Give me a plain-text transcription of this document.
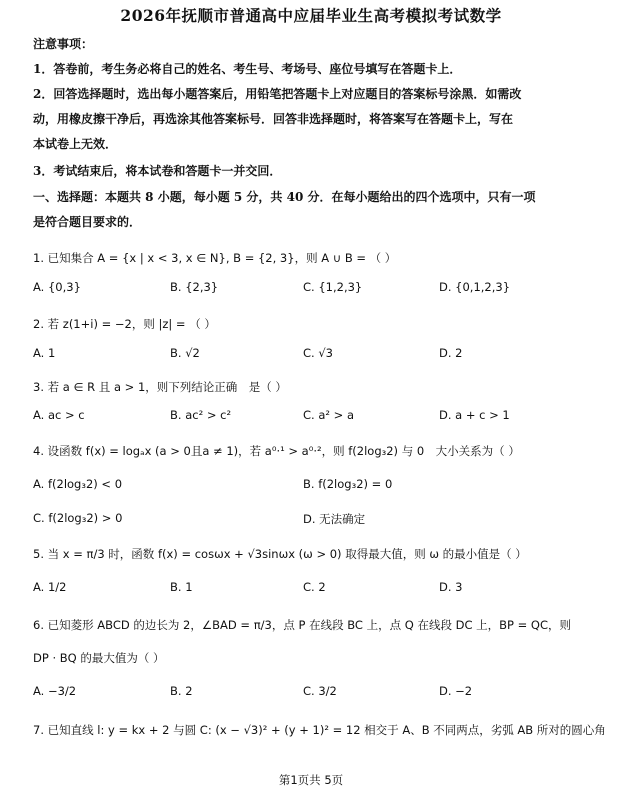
2026年抚顺市普通高中应届毕业生高考模拟考试数学
注意事项：
1．答卷前，考生务必将自己的姓名、考生号、考场号、座位号填写在答题卡上．
2．回答选择题时，选出每小题答案后，用铅笔把答题卡上对应题目的答案标号涂黑．如需改
动，用橡皮擦干净后，再选涂其他答案标号．回答非选择题时，将答案写在答题卡上，写在
本试卷上无效．
3．考试结束后，将本试卷和答题卡一并交回．
一、选择题：本题共 8 小题，每小题 5 分，共 40 分．在每小题给出的四个选项中，只有一项
是符合题目要求的．
1. 已知集合 A = {x | x < 3, x ∈ N}, B = {2, 3}，则 A ∪ B = （ ）
A. {0,3}	B. {2,3}	C. {1,2,3}	D. {0,1,2,3}
2. 若 z(1+i) = −2，则 |z| = （ ）
A. 1	B. √2	C. √3	D. 2
3. 若 a ∈ R 且 a > 1，则下列结论正确　是（ ）
A. ac > c	B. ac² > c²	C. a² > a	D. a + c > 1
4. 设函数 f(x) = logₐx (a > 0且a ≠ 1)，若 a⁰·¹ > a⁰·²，则 f(2log₃2) 与 0　大小关系为（ ）
A. f(2log₃2) < 0	B. f(2log₃2) = 0
C. f(2log₃2) > 0	D. 无法确定
5. 当 x = π/3 时，函数 f(x) = cosωx + √3sinωx (ω > 0) 取得最大值，则 ω 的最小值是（ ）
A. 1/2	B. 1	C. 2	D. 3
6. 已知菱形 ABCD 的边长为 2，∠BAD = π/3，点 P 在线段 BC 上，点 Q 在线段 DC 上，BP = QC，则
DP · BQ 的最大值为（ ）
A. −3/2	B. 2	C. 3/2	D. −2
7. 已知直线 l: y = kx + 2 与圆 C: (x − √3)² + (y + 1)² = 12 相交于 A、B 不同两点，劣弧 AB 所对的圆心角
第1页共 5页
